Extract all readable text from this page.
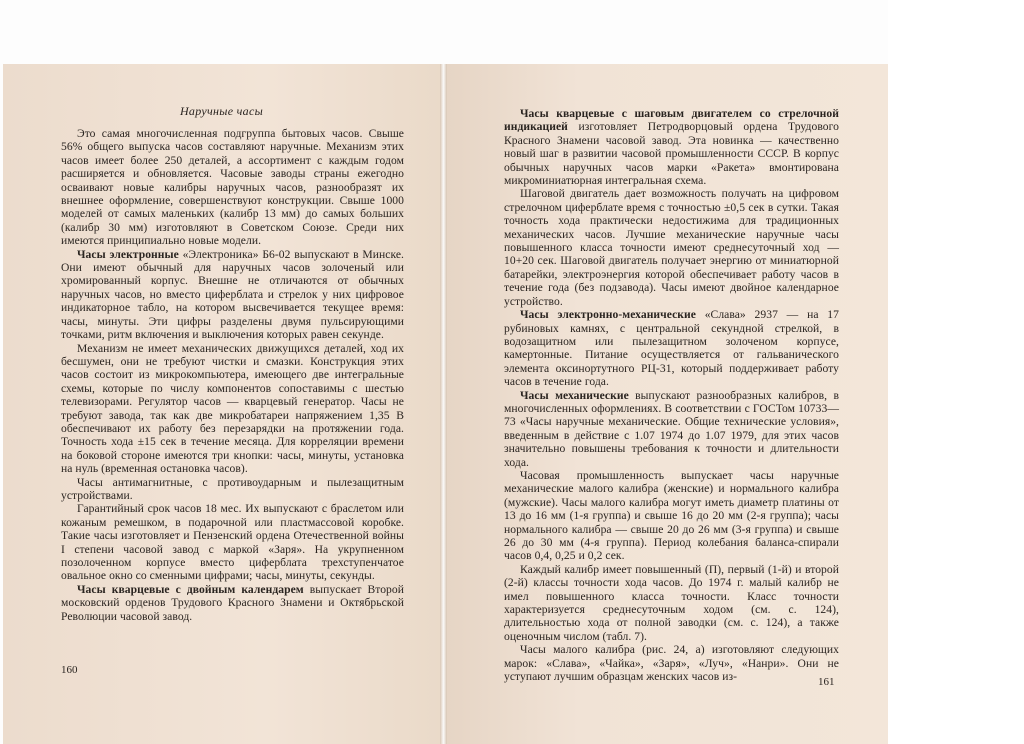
Наручные часы

Это самая многочисленная подгруппа бытовых часов. Свыше 56% общего выпуска часов составляют наручные. Механизм этих часов имеет более 250 деталей, а ассортимент с каждым годом расширяется и обновляется. Часовые заводы страны ежегодно осваивают новые калибры наручных часов, разнообразят их внешнее оформление, совершенствуют конструкции. Свыше 1000 моделей от самых маленьких (калибр 13 мм) до самых больших (калибр 30 мм) изготовляют в Советском Союзе. Среди них имеются принципиально новые модели.

Часы электронные «Электроника» Б6-02 выпускают в Минске. Они имеют обычный для наручных часов золоченый или хромированный корпус. Внешне не отличаются от обычных наручных часов, но вместо циферблата и стрелок у них цифровое индикаторное табло, на котором высвечивается текущее время: часы, минуты. Эти цифры разделены двумя пульсирующими точками, ритм включения и выключения которых равен секунде.

Механизм не имеет механических движущихся деталей, ход их бесшумен, они не требуют чистки и смазки. Конструкция этих часов состоит из микрокомпьютера, имеющего две интегральные схемы, которые по числу компонентов сопоставимы с шестью телевизорами. Регулятор часов — кварцевый генератор. Часы не требуют завода, так как две микробатареи напряжением 1,35 В обеспечивают их работу без перезарядки на протяжении года. Точность хода ±15 сек в течение месяца. Для корреляции времени на боковой стороне имеются три кнопки: часы, минуты, установка на нуль (временная остановка часов).

Часы антимагнитные, с противоударным и пылезащитным устройствами.

Гарантийный срок часов 18 мес. Их выпускают с браслетом или кожаным ремешком, в подарочной или пластмассовой коробке. Такие часы изготовляет и Пензенский ордена Отечественной войны I степени часовой завод с маркой «Заря». На укрупненном позолоченном корпусе вместо циферблата трехступенчатое овальное окно со сменными цифрами; часы, минуты, секунды.

Часы кварцевые с двойным календарем выпускает Второй московский орденов Трудового Красного Знамени и Октябрьской Революции часовой завод.

160

Часы кварцевые с шаговым двигателем со стрелочной индикацией изготовляет Петродворцовый ордена Трудового Красного Знамени часовой завод. Эта новинка — качественно новый шаг в развитии часовой промышленности СССР. В корпус обычных наручных часов марки «Ракета» вмонтирована микроминиатюрная интегральная схема.

Шаговой двигатель дает возможность получать на цифровом стрелочном циферблате время с точностью ±0,5 сек в сутки. Такая точность хода практически недостижима для традиционных механических часов. Лучшие механические наручные часы повышенного класса точности имеют среднесуточный ход —10+20 сек. Шаговой двигатель получает энергию от миниатюрной батарейки, электроэнергия которой обеспечивает работу часов в течение года (без подзавода). Часы имеют двойное календарное устройство.

Часы электронно-механические «Слава» 2937 — на 17 рубиновых камнях, с центральной секундной стрелкой, в водозащитном или пылезащитном золоченом корпусе, камертонные. Питание осуществляется от гальванического элемента оксинортутного РЦ-31, который поддерживает работу часов в течение года.

Часы механические выпускают разнообразных калибров, в многочисленных оформлениях. В соответствии с ГОСТом 10733—73 «Часы наручные механические. Общие технические условия», введенным в действие с 1.07 1974 до 1.07 1979, для этих часов значительно повышены требования к точности и длительности хода.

Часовая промышленность выпускает часы наручные механические малого калибра (женские) и нормального калибра (мужские). Часы малого калибра могут иметь диаметр платины от 13 до 16 мм (1-я группа) и свыше 16 до 20 мм (2-я группа); часы нормального калибра — свыше 20 до 26 мм (3-я группа) и свыше 26 до 30 мм (4-я группа). Период колебания баланса-спирали часов 0,4, 0,25 и 0,2 сек.

Каждый калибр имеет повышенный (П), первый (1-й) и второй (2-й) классы точности хода часов. До 1974 г. малый калибр не имел повышенного класса точности. Класс точности характеризуется среднесуточным ходом (см. с. 124), длительностью хода от полной заводки (см. с. 124), а также оценочным числом (табл. 7).

Часы малого калибра (рис. 24, а) изготовляют следующих марок: «Слава», «Чайка», «Заря», «Луч», «Нанри». Они не уступают лучшим образцам женских часов из-	161
